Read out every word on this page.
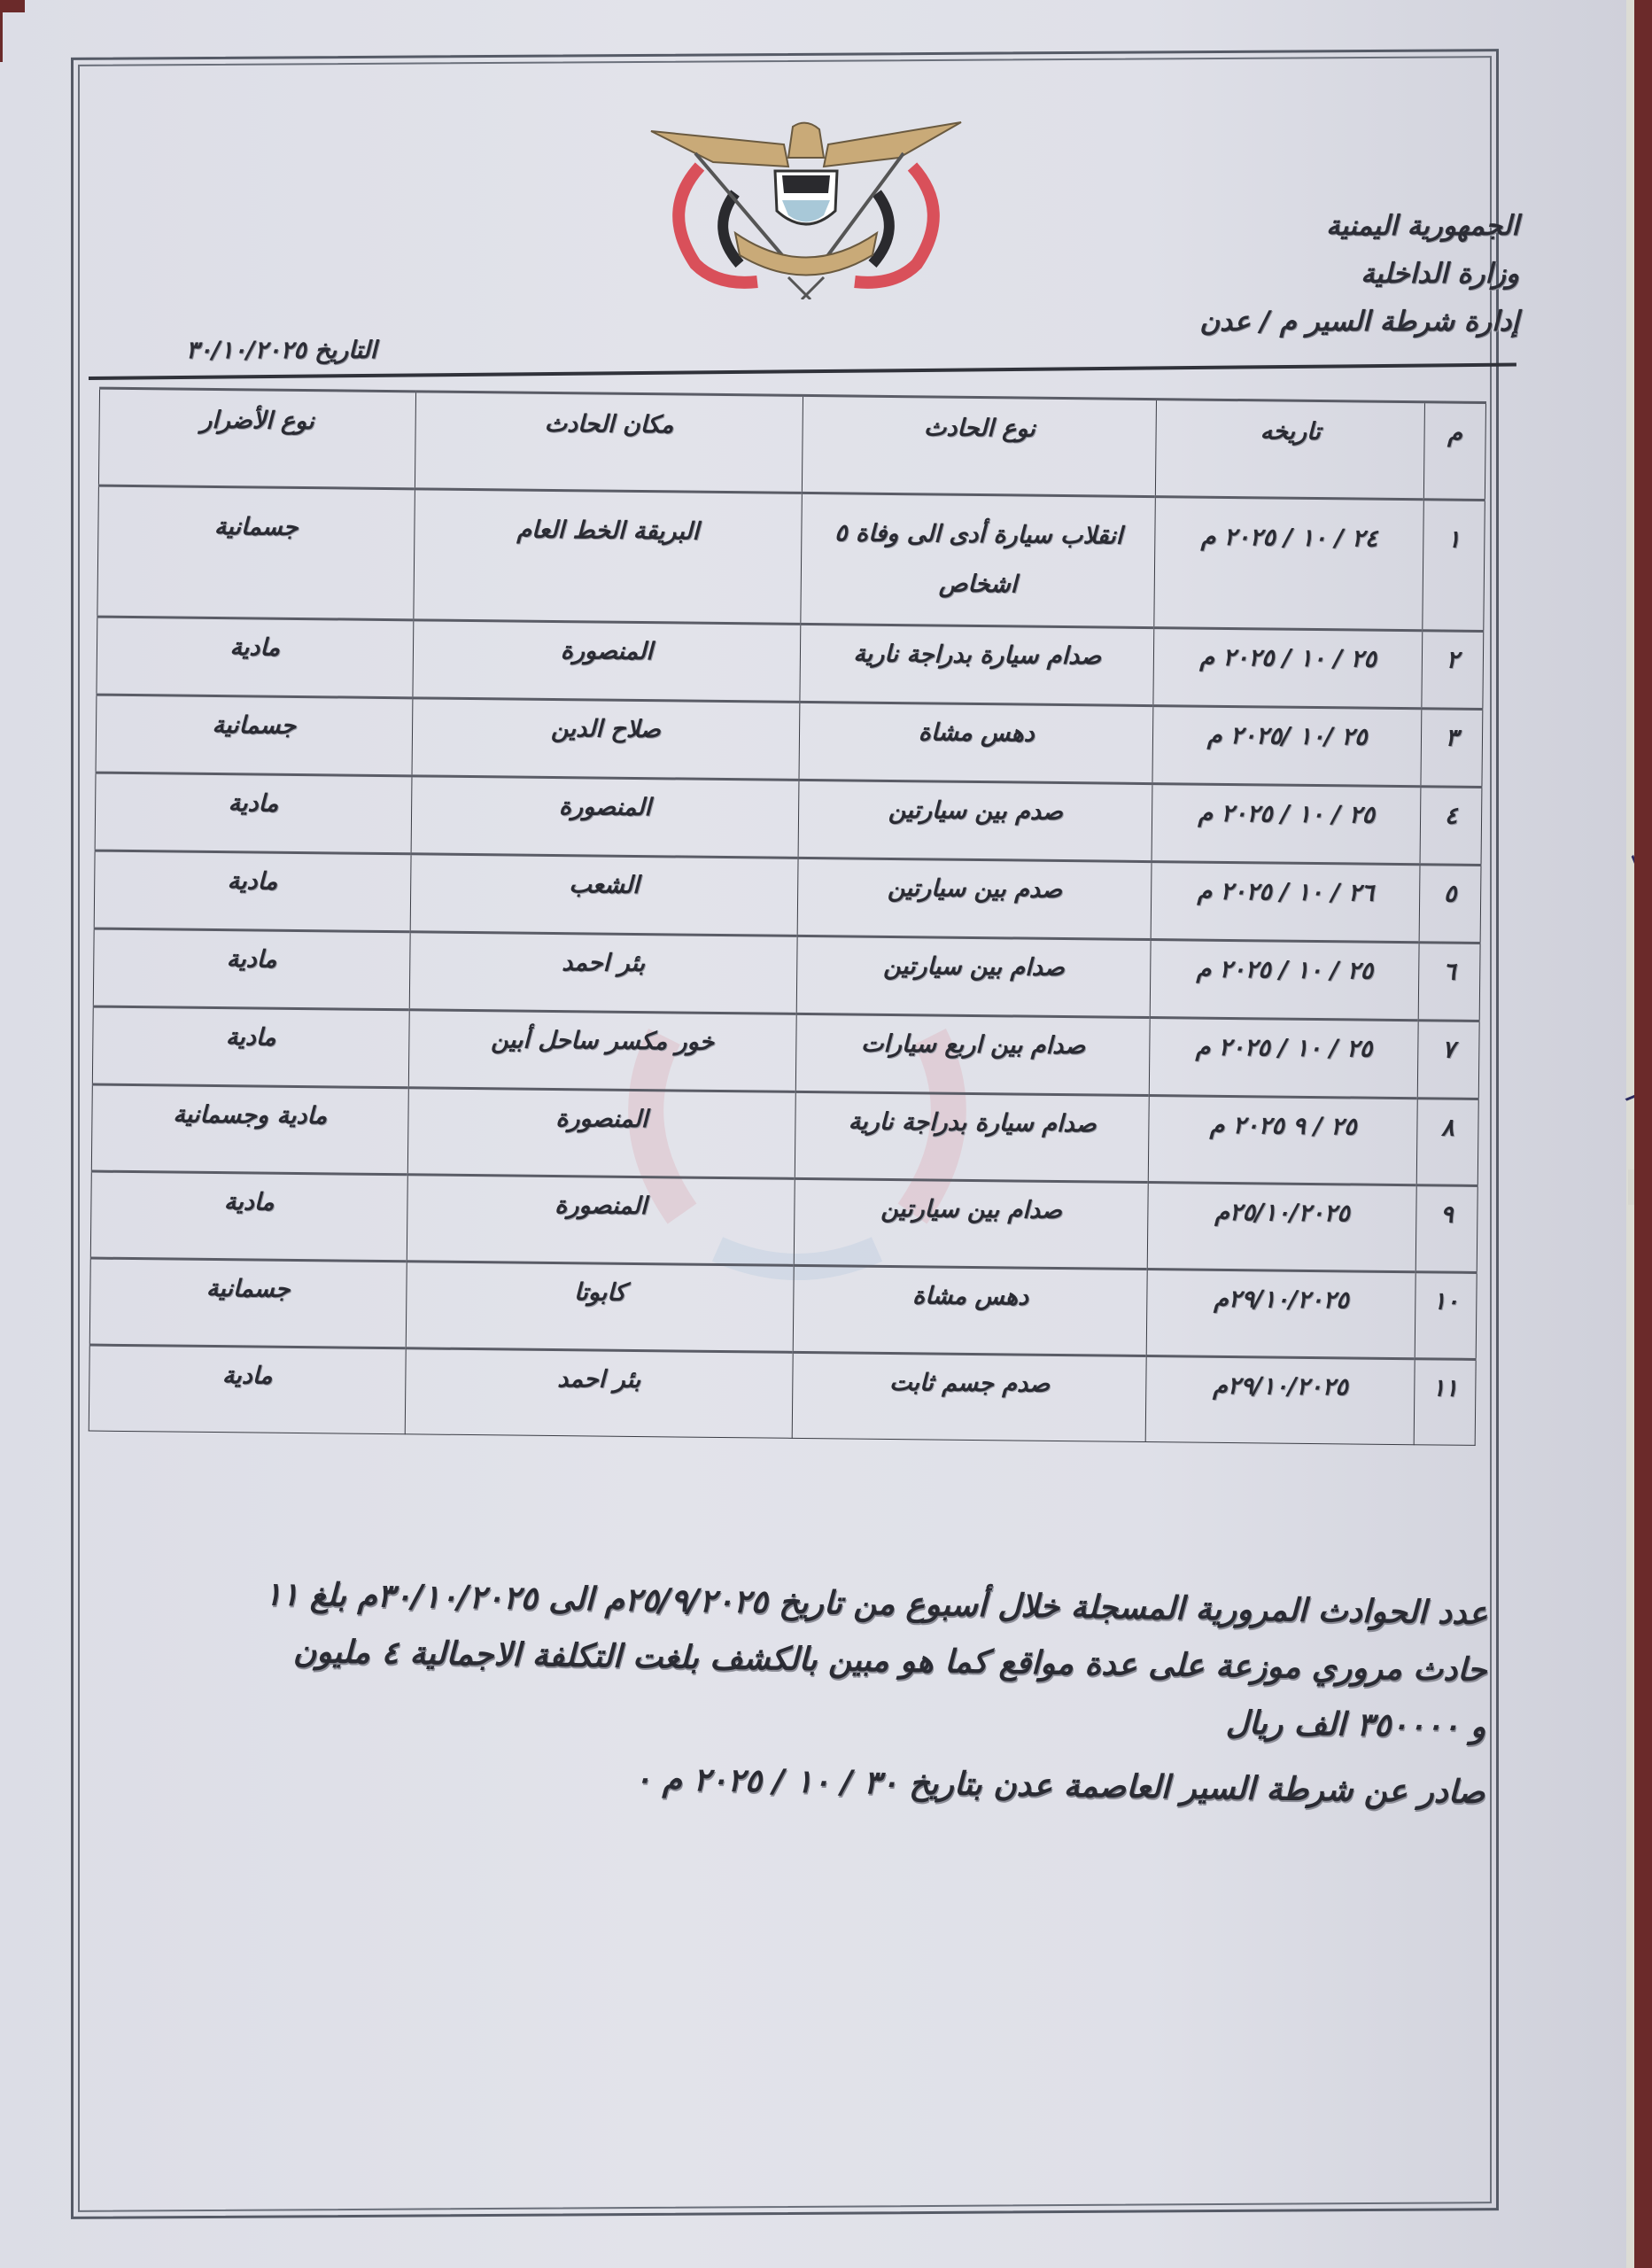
الجمهورية اليمنية
وزارة الداخلية
إدارة شرطة السير م / عدن
التاريخ ٣٠/١٠/٢٠٢٥
م	تاريخه	نوع الحادث	مكان الحادث	نوع الأضرار
١	٢٤ / ١٠ / ٢٠٢٥ م	انقلاب سيارة أدى الى وفاة ٥ اشخاص	البريقة الخط العام	جسمانية
٢	٢٥ / ١٠ / ٢٠٢٥ م	صدام سيارة بدراجة نارية	المنصورة	مادية
٣	٢٥ /١٠ /٢٠٢٥ م	دهس مشاة	صلاح الدين	جسمانية
٤	٢٥ / ١٠ / ٢٠٢٥ م	صدم بين سيارتين	المنصورة	مادية
٥	٢٦ / ١٠ / ٢٠٢٥ م	صدم بين سيارتين	الشعب	مادية
٦	٢٥ / ١٠ / ٢٠٢٥ م	صدام بين سيارتين	بئر احمد	مادية
٧	٢٥ / ١٠ / ٢٠٢٥ م	صدام بين اربع سيارات	خور مكسر ساحل أبين	مادية
٨	٢٥ / ٩ ٢٠٢٥ م	صدام سيارة بدراجة نارية	المنصورة	مادية وجسمانية
٩	٢٥/١٠/٢٠٢٥م	صدام بين سيارتين	المنصورة	مادية
١٠	٢٩/١٠/٢٠٢٥م	دهس مشاة	كابوتا	جسمانية
١١	٢٩/١٠/٢٠٢٥م	صدم جسم ثابت	بئر احمد	مادية

عدد الحوادث المرورية المسجلة خلال أسبوع من تاريخ ٢٥/٩/٢٠٢٥م الى ٣٠/١٠/٢٠٢٥م بلغ ١١

حادث مروري موزعة على عدة مواقع كما هو مبين بالكشف بلغت التكلفة الاجمالية ٤ مليون

و ٣٥٠٠٠٠ الف ريال

صادر عن شرطة السير العاصمة عدن بتاريخ ٣٠ / ١٠ / ٢٠٢٥ م ٠
